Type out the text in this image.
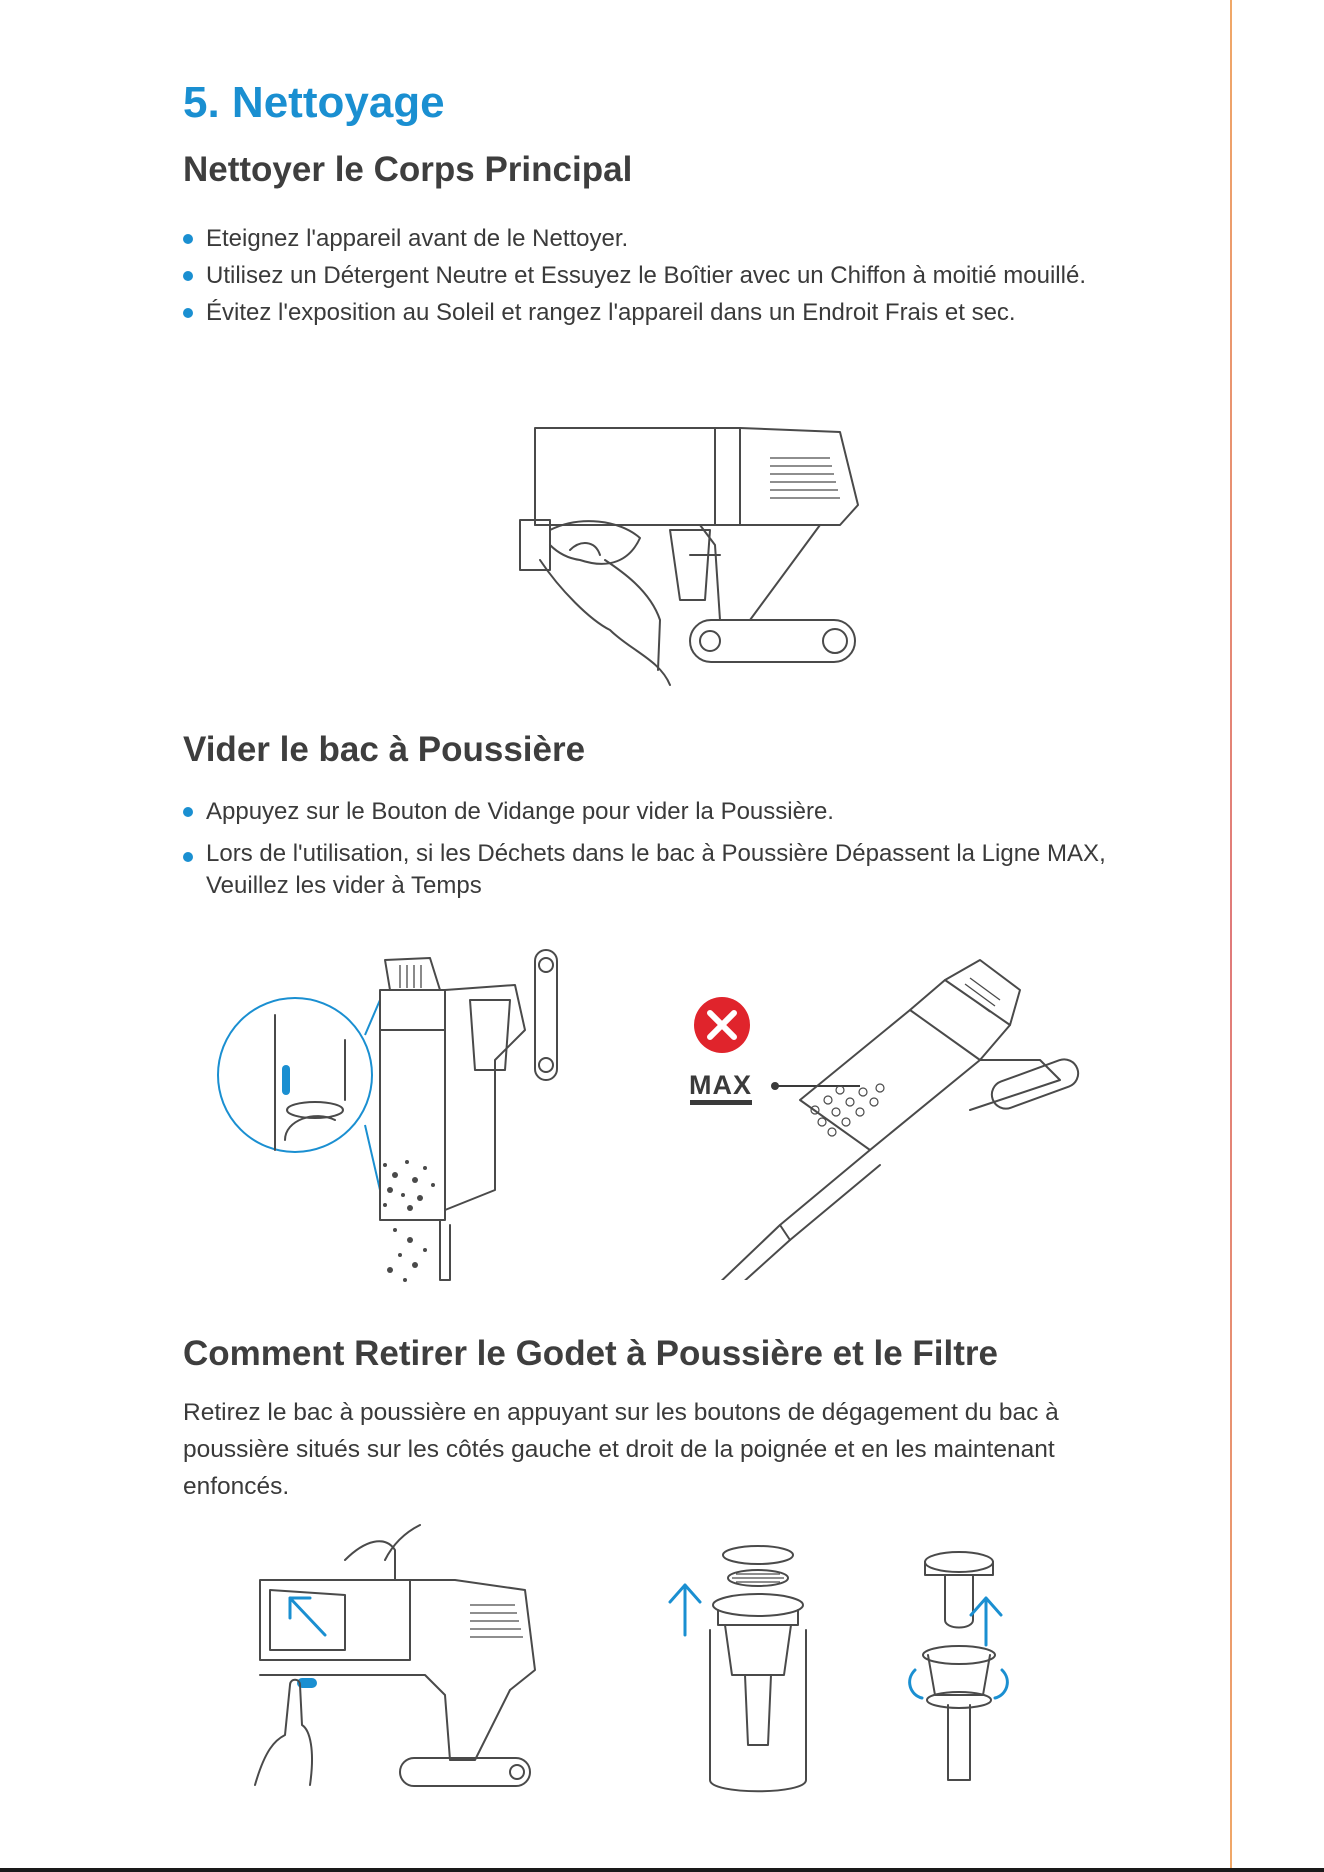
5. Nettoyage
Nettoyer le Corps Principal
Eteignez l'appareil avant de le Nettoyer.
Utilisez un Détergent Neutre et Essuyez le Boîtier avec un Chiffon à moitié mouillé.
Évitez l'exposition au Soleil et rangez l'appareil dans un Endroit Frais et sec.
Vider le bac à Poussière
Appuyez sur le Bouton de Vidange pour vider la Poussière.
Lors de l'utilisation, si les Déchets dans le bac à Poussière Dépassent la Ligne MAX, Veuillez les vider à Temps
Comment Retirer le Godet à Poussière et le Filtre

Retirez le bac à poussière en appuyant sur les boutons de dégagement du bac à poussière situés sur les côtés gauche et droit de la poignée et en les maintenant enfoncés.

MAX
